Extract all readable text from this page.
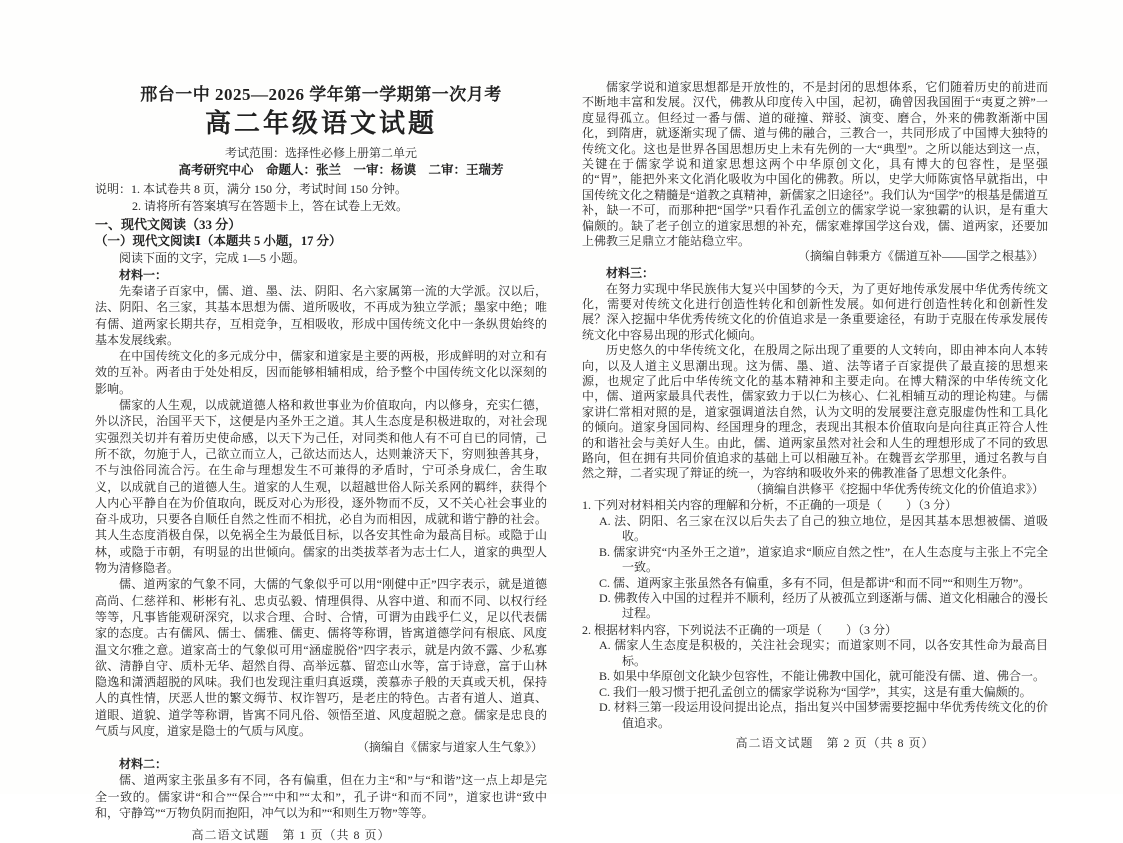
邢台一中 2025—2026 学年第一学期第一次月考
高二年级语文试题
考试范围：选择性必修上册第二单元
高考研究中心　命题人：张兰　一审：杨谟　二审：王瑞芳
说明：1. 本试卷共 8 页，满分 150 分，考试时间 150 分钟。
2. 请将所有答案填写在答题卡上，答在试卷上无效。
一、现代文阅读（33 分）
（一）现代文阅读Ⅰ（本题共 5 小题，17 分）
阅读下面的文字，完成 1—5 小题。
材料一：

先秦诸子百家中，儒、道、墨、法、阴阳、名六家属第一流的大学派。汉以后，法、阴阳、名三家，其基本思想为儒、道所吸收，不再成为独立学派；墨家中绝；唯有儒、道两家长期共存，互相竞争，互相吸收，形成中国传统文化中一条纵贯始终的基本发展线索。

在中国传统文化的多元成分中，儒家和道家是主要的两极，形成鲜明的对立和有效的互补。两者由于处处相反，因而能够相辅相成，给予整个中国传统文化以深刻的影响。

儒家的人生观，以成就道德人格和救世事业为价值取向，内以修身，充实仁德，外以济民，治国平天下，这便是内圣外王之道。其人生态度是积极进取的，对社会现实强烈关切并有着历史使命感，以天下为己任，对同类和他人有不可自已的同情，己所不欲，勿施于人，己欲立而立人，己欲达而达人，达则兼济天下，穷则独善其身，不与浊俗同流合污。在生命与理想发生不可兼得的矛盾时，宁可杀身成仁，舍生取义，以成就自己的道德人生。道家的人生观，以超越世俗人际关系网的羁绊，获得个人内心平静自在为价值取向，既反对心为形役，逐外物而不反，又不关心社会事业的奋斗成功，只要各自顺任自然之性而不相扰，必自为而相因，成就和谐宁静的社会。其人生态度消极自保，以免祸全生为最低目标，以各安其性命为最高目标。或隐于山林，或隐于市朝，有明显的出世倾向。儒家的出类拔萃者为志士仁人，道家的典型人物为清修隐者。

儒、道两家的气象不同，大儒的气象似乎可以用“刚健中正”四字表示，就是道德高尚、仁慈祥和、彬彬有礼、忠贞弘毅、情理俱得、从容中道、和而不同、以权行经等等，凡事皆能观研深究，以求合理、合时、合情，可谓为由践乎仁义，足以代表儒家的态度。古有儒风、儒士、儒雅、儒吏、儒将等称谓，皆寓道德学问有根底、风度温文尔雅之意。道家高士的气象似可用“涵虚脱俗”四字表示，就是内敛不露、少私寡欲、清静自守、质朴无华、超然自得、高举远慕、留恋山水等，富于诗意，富于山林隐逸和潇洒超脱的风味。我们也发现注重归真返璞，羡慕赤子般的天真或天机，保持人的真性情，厌恶人世的繁文缛节、权诈智巧，是老庄的特色。古者有道人、道真、道眼、道貌、道学等称谓，皆寓不同凡俗、领悟至道、风度超脱之意。儒家是忠良的气质与风度，道家是隐士的气质与风度。

（摘编自《儒家与道家人生气象》）
材料二：

儒、道两家主张虽多有不同，各有偏重，但在力主“和”与“和谐”这一点上却是完全一致的。儒家讲“和合”“保合”“中和”“太和”，孔子讲“和而不同”，道家也讲“致中和，守静笃”“万物负阴而抱阳，冲气以为和”“和则生万物”等等。

高二语文试题　第 1 页（共 8 页）

儒家学说和道家思想都是开放性的，不是封闭的思想体系，它们随着历史的前进而不断地丰富和发展。汉代，佛教从印度传入中国，起初，确曾因我国囿于“夷夏之辨”一度显得孤立。但经过一番与儒、道的碰撞、辩驳、演变、磨合，外来的佛教渐渐中国化，到隋唐，就逐渐实现了儒、道与佛的融合，三教合一，共同形成了中国博大独特的传统文化。这也是世界各国思想历史上未有先例的一大“典型”。之所以能达到这一点，关键在于儒家学说和道家思想这两个中华原创文化，具有博大的包容性，是坚强的“胃”，能把外来文化消化吸收为中国化的佛教。所以，史学大师陈寅恪早就指出，中国传统文化之精髓是“道教之真精神，新儒家之旧途径”。我们认为“国学”的根基是儒道互补，缺一不可，而那种把“国学”只看作孔孟创立的儒家学说一家独霸的认识，是有重大偏颇的。缺了老子创立的道家思想的补充，儒家难撑国学这台戏，儒、道两家，还要加上佛教三足鼎立才能站稳立牢。

（摘编自韩秉方《儒道互补——国学之根基》）
材料三：

在努力实现中华民族伟大复兴中国梦的今天，为了更好地传承发展中华优秀传统文化，需要对传统文化进行创造性转化和创新性发展。如何进行创造性转化和创新性发展？深入挖掘中华优秀传统文化的价值追求是一条重要途径，有助于克服在传承发展传统文化中容易出现的形式化倾向。

历史悠久的中华传统文化，在殷周之际出现了重要的人文转向，即由神本向人本转向，以及人道主义思潮出现。这为儒、墨、道、法等诸子百家提供了最直接的思想来源，也规定了此后中华传统文化的基本精神和主要走向。在博大精深的中华传统文化中，儒、道两家最具代表性，儒家致力于以仁为核心、仁礼相辅互动的理论构建。与儒家讲仁常相对照的是，道家强调道法自然，认为文明的发展要注意克服虚伪性和工具化的倾向。道家身国同构、经国理身的理念，表现出其根本价值取向是向往真正符合人性的和谐社会与美好人生。由此，儒、道两家虽然对社会和人生的理想形成了不同的致思路向，但在拥有共同价值追求的基础上可以相融互补。在魏晋玄学那里，通过名教与自然之辩，二者实现了辩证的统一，为容纳和吸收外来的佛教准备了思想文化条件。

（摘编自洪修平《挖掘中华优秀传统文化的价值追求》）
1. 下列对材料相关内容的理解和分析，不正确的一项是（　　）（3 分）
A. 法、阴阳、名三家在汉以后失去了自己的独立地位，是因其基本思想被儒、道吸收。
B. 儒家讲究“内圣外王之道”，道家追求“顺应自然之性”，在人生态度与主张上不完全一致。
C. 儒、道两家主张虽然各有偏重，多有不同，但是都讲“和而不同”“和则生万物”。
D. 佛教传入中国的过程并不顺利，经历了从被孤立到逐渐与儒、道文化相融合的漫长过程。
2. 根据材料内容，下列说法不正确的一项是（　　）（3 分）
A. 儒家人生态度是积极的，关注社会现实；而道家则不同，以各安其性命为最高目标。
B. 如果中华原创文化缺少包容性，不能让佛教中国化，就可能没有儒、道、佛合一。
C. 我们一般习惯于把孔孟创立的儒家学说称为“国学”，其实，这是有重大偏颇的。
D. 材料三第一段运用设问提出论点，指出复兴中国梦需要挖掘中华优秀传统文化的价值追求。
高二语文试题　第 2 页（共 8 页）
